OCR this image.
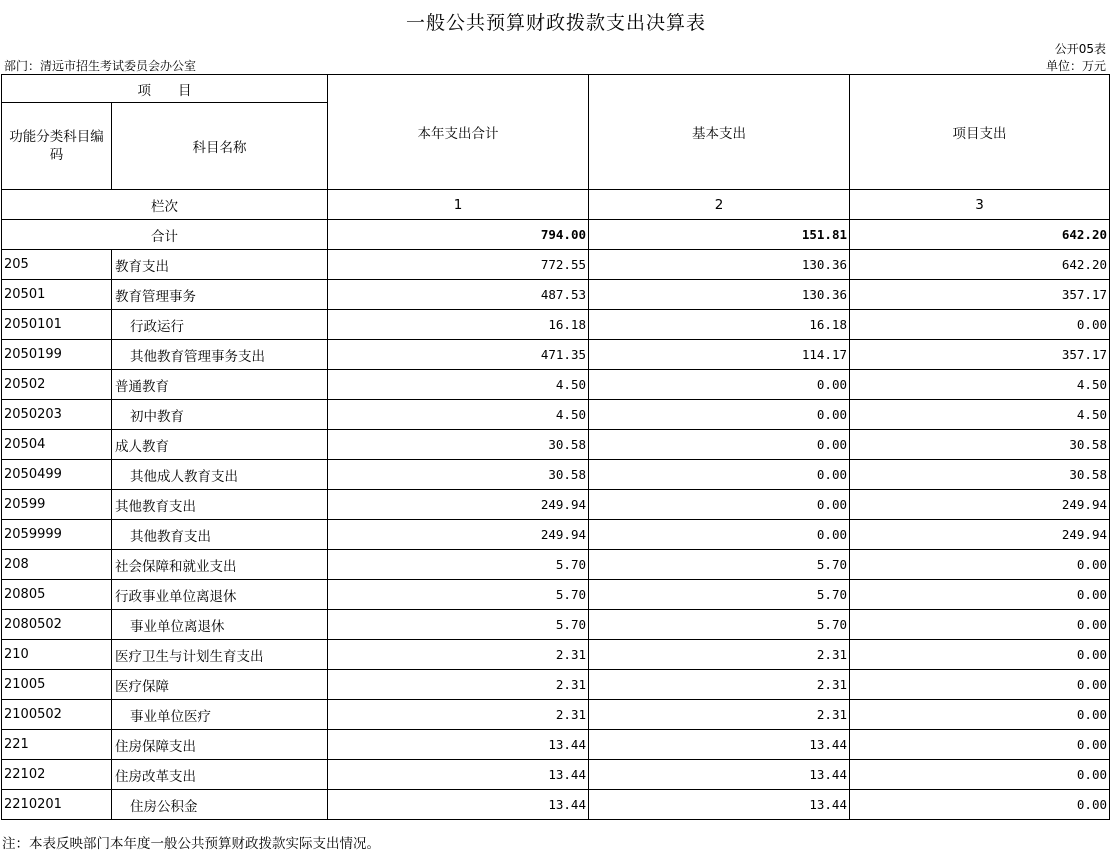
一般公共预算财政拨款支出决算表
公开05表
部门：清远市招生考试委员会办公室	单位：万元
项　　目		本年支出合计	基本支出	项目支出
功能分类科目编码	科目名称			
栏次		1	2	3
合计		794.00	151.81	642.20
205	教育支出	772.55	130.36	642.20
20501	教育管理事务	487.53	130.36	357.17
2050101	行政运行	16.18	16.18	0.00
2050199	其他教育管理事务支出	471.35	114.17	357.17
20502	普通教育	4.50	0.00	4.50
2050203	初中教育	4.50	0.00	4.50
20504	成人教育	30.58	0.00	30.58
2050499	其他成人教育支出	30.58	0.00	30.58
20599	其他教育支出	249.94	0.00	249.94
2059999	其他教育支出	249.94	0.00	249.94
208	社会保障和就业支出	5.70	5.70	0.00
20805	行政事业单位离退休	5.70	5.70	0.00
2080502	事业单位离退休	5.70	5.70	0.00
210	医疗卫生与计划生育支出	2.31	2.31	0.00
21005	医疗保障	2.31	2.31	0.00
2100502	事业单位医疗	2.31	2.31	0.00
221	住房保障支出	13.44	13.44	0.00
22102	住房改革支出	13.44	13.44	0.00
2210201	住房公积金	13.44	13.44	0.00
注：本表反映部门本年度一般公共预算财政拨款实际支出情况。
